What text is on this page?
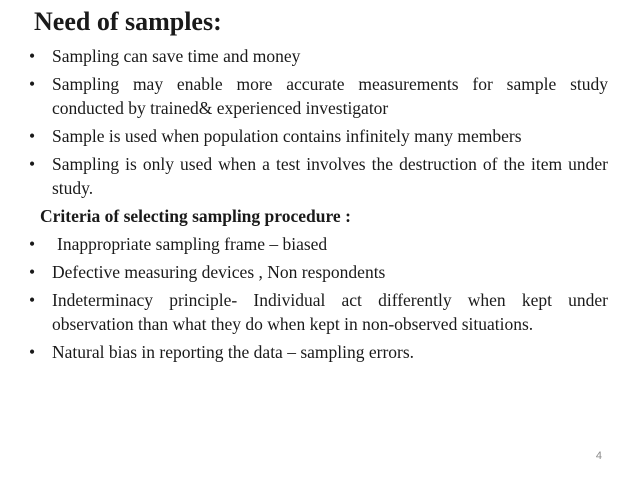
Need of samples:
• Sampling can save time and money
• Sampling may enable more accurate measurements for sample study conducted by trained& experienced investigator
• Sample is used when population contains infinitely many members
• Sampling is only used when a test involves the destruction of the item under study.
Criteria of selecting sampling procedure :
• Inappropriate sampling frame – biased
• Defective measuring devices , Non respondents
• Indeterminacy principle- Individual act differently when kept under observation than what they do when kept in non-observed situations.
• Natural bias in reporting the data – sampling errors.
4
